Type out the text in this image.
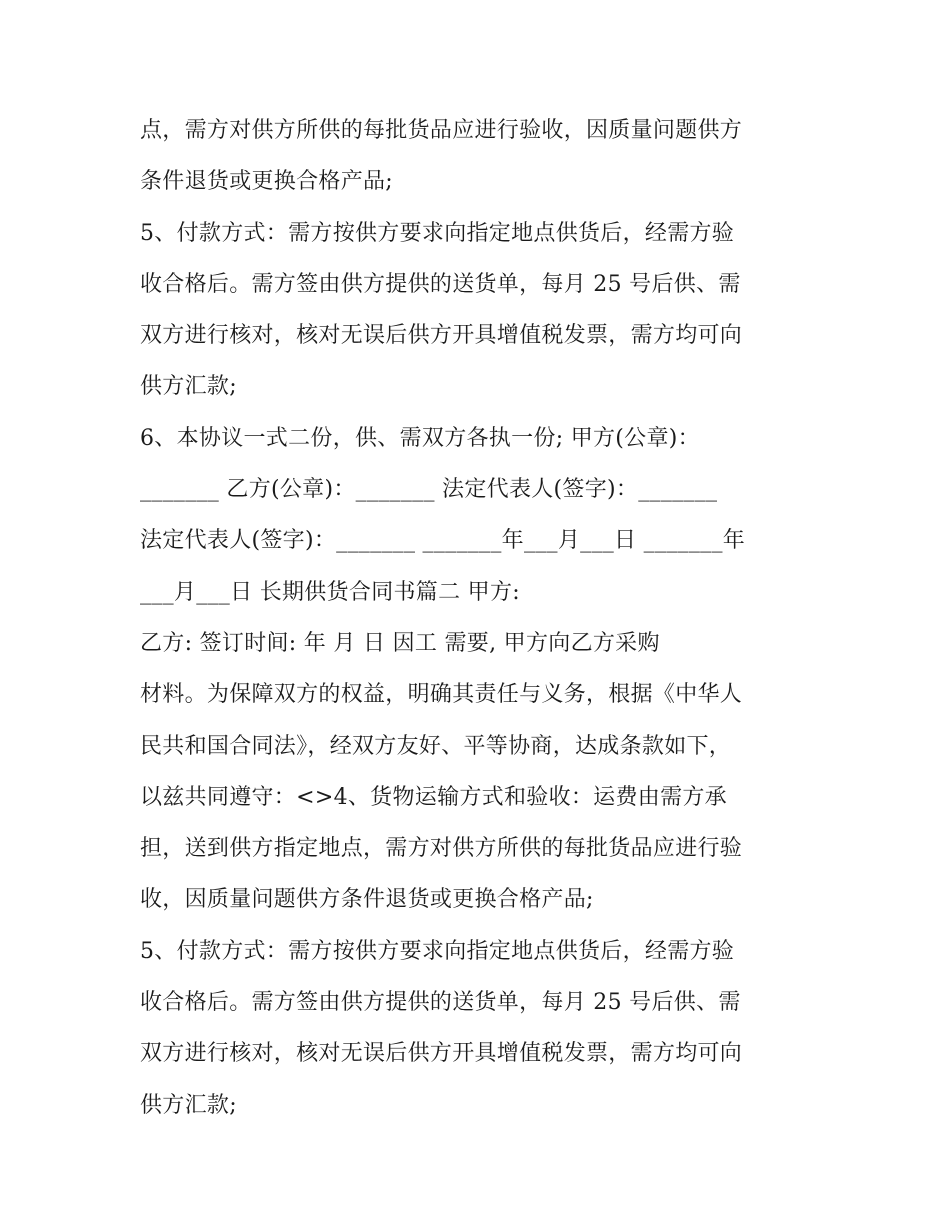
点，需方对供方所供的每批货品应进行验收，因质量问题供方
条件退货或更换合格产品;
5、付款方式：需方按供方要求向指定地点供货后，经需方验
收合格后。需方签由供方提供的送货单，每月 25 号后供、需
双方进行核对，核对无误后供方开具增值税发票，需方均可向
供方汇款;
6、本协议一式二份，供、需双方各执一份; 甲方(公章)：
_______ 乙方(公章)：_______ 法定代表人(签字)：_______
法定代表人(签字)：_______ _______年___月___日 _______年
___月___日 长期供货合同书篇二 甲方:
乙方: 签订时间: 年 月 日 因工 需要, 甲方向乙方采购
材料。为保障双方的权益，明确其责任与义务，根据《中华人
民共和国合同法》，经双方友好、平等协商，达成条款如下，
以兹共同遵守：<>4、货物运输方式和验收：运费由需方承
担，送到供方指定地点，需方对供方所供的每批货品应进行验
收，因质量问题供方条件退货或更换合格产品;
5、付款方式：需方按供方要求向指定地点供货后，经需方验
收合格后。需方签由供方提供的送货单，每月 25 号后供、需
双方进行核对，核对无误后供方开具增值税发票，需方均可向
供方汇款;
